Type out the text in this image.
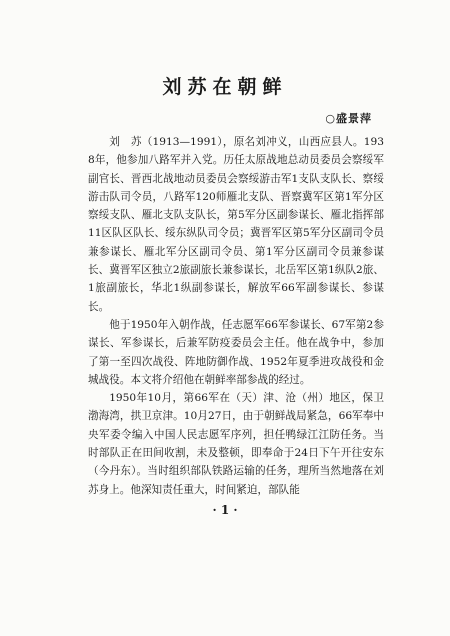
刘苏在朝鲜
○盛景萍

刘　苏（1913—1991），原名刘冲义，山西应县人。1938年，他参加八路军并入党。历任太原战地总动员委员会察绥军副官长、晋西北战地动员委员会察绥游击军1支队支队长、察绥游击队司令员，八路军120师雁北支队、晋察冀军区第1军分区察绥支队、雁北支队支队长，第5军分区副参谋长、雁北指挥部11区队区队长、绥东纵队司令员；冀晋军区第5军分区副司令员兼参谋长、雁北军分区副司令员、第1军分区副司令员兼参谋长、冀晋军区独立2旅副旅长兼参谋长，北岳军区第1纵队2旅、1旅副旅长，华北1纵副参谋长，解放军66军副参谋长、参谋长。

他于1950年入朝作战，任志愿军66军参谋长、67军第2参谋长、军参谋长，后兼军防疫委员会主任。他在战争中，参加了第一至四次战役、阵地防御作战、1952年夏季进攻战役和金城战役。本文将介绍他在朝鲜率部参战的经过。

1950年10月，第66军在（天）津、沧（州）地区，保卫渤海湾，拱卫京津。10月27日，由于朝鲜战局紧急，66军奉中央军委令编入中国人民志愿军序列，担任鸭绿江江防任务。当时部队正在田间收割，未及整顿，即奉命于24日下午开往安东（今丹东）。当时组织部队铁路运输的任务，理所当然地落在刘苏身上。他深知责任重大，时间紧迫，部队能

· 1 ·
